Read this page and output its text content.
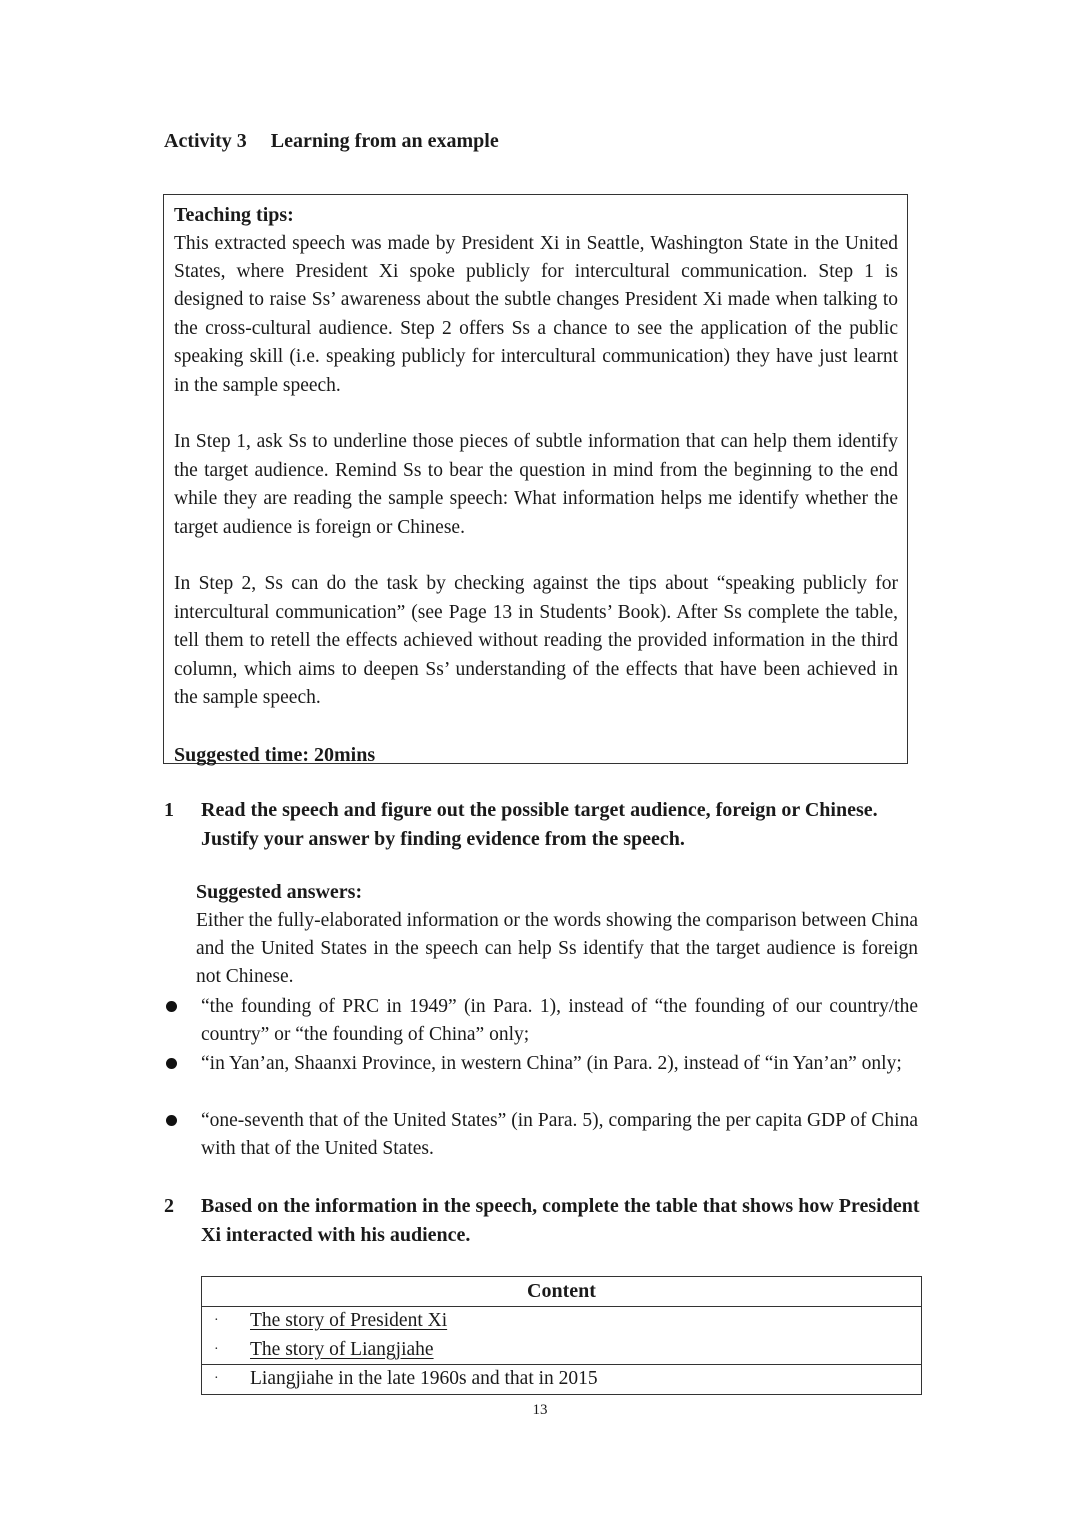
Activity 3 Learning from an example
Teaching tips:

This extracted speech was made by President Xi in Seattle, Washington State in the United States, where President Xi spoke publicly for intercultural communication. Step 1 is designed to raise Ss’ awareness about the subtle changes President Xi made when talking to the cross-cultural audience. Step 2 offers Ss a chance to see the application of the public speaking skill (i.e. speaking publicly for intercultural communication) they have just learnt in the sample speech.

In Step 1, ask Ss to underline those pieces of subtle information that can help them identify the target audience. Remind Ss to bear the question in mind from the beginning to the end while they are reading the sample speech: What information helps me identify whether the target audience is foreign or Chinese.

In Step 2, Ss can do the task by checking against the tips about “speaking publicly for intercultural communication” (see Page 13 in Students’ Book). After Ss complete the table, tell them to retell the effects achieved without reading the provided information in the third column, which aims to deepen Ss’ understanding of the effects that have been achieved in the sample speech.

Suggested time: 20mins
1	Read the speech and figure out the possible target audience, foreign or Chinese. Justify your answer by finding evidence from the speech.
Suggested answers:

Either the fully-elaborated information or the words showing the comparison between China and the United States in the speech can help Ss identify that the target audience is foreign not Chinese.

“the founding of PRC in 1949” (in Para. 1), instead of “the founding of our country/the country” or “the founding of China” only;
“in Yan’an, Shaanxi Province, in western China” (in Para. 2), instead of “in Yan’an” only;
“one-seventh that of the United States” (in Para. 5), comparing the per capita GDP of China with that of the United States.
2	Based on the information in the speech, complete the table that shows how President Xi interacted with his audience.
Content
· The story of President Xi
· The story of Liangjiahe
· Liangjiahe in the late 1960s and that in 2015
13
